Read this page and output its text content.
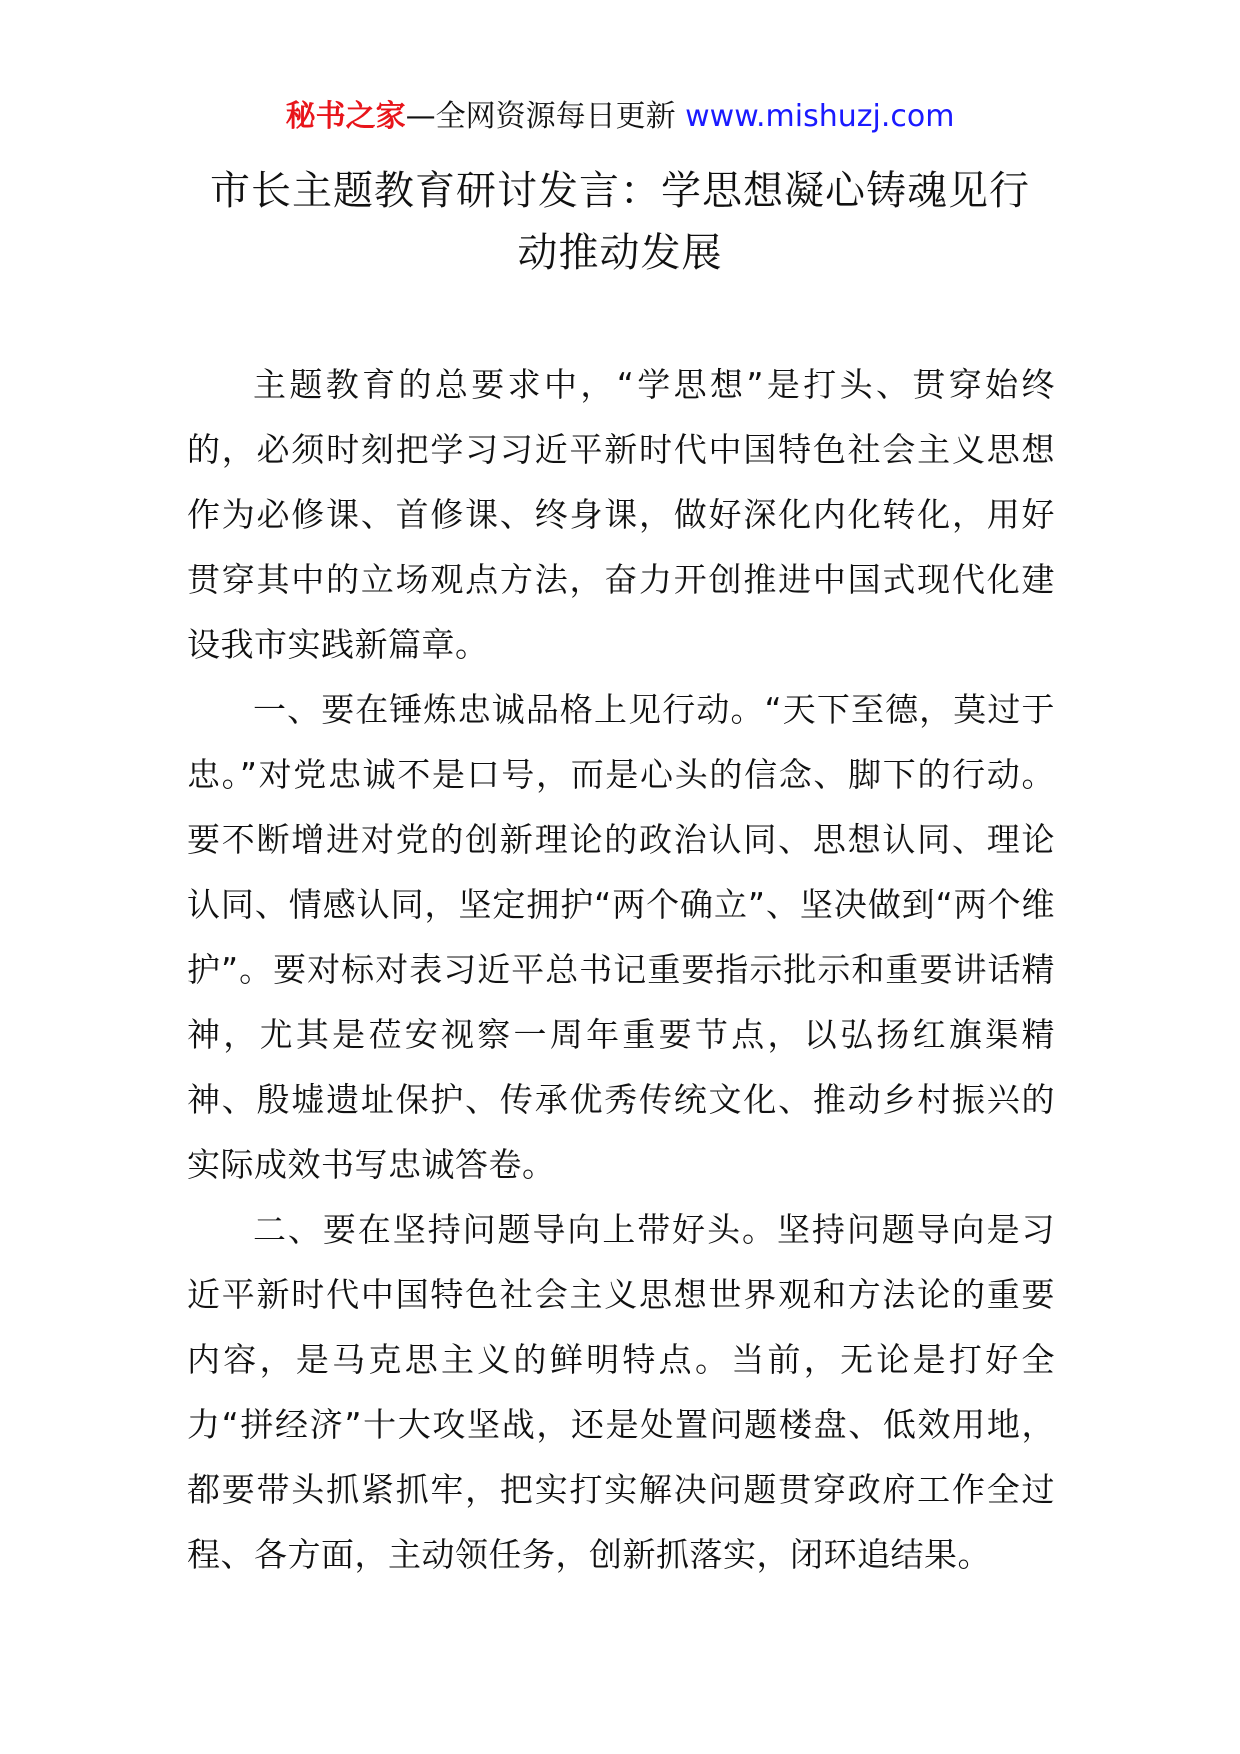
秘书之家—全网资源每日更新 www.mishuzj.com
市长主题教育研讨发言：学思想凝心铸魂见行
动推动发展

主题教育的总要求中，“学思想”是打头、贯穿始终的，必须时刻把学习习近平新时代中国特色社会主义思想作为必修课、首修课、终身课，做好深化内化转化，用好贯穿其中的立场观点方法，奋力开创推进中国式现代化建设我市实践新篇章。

一、要在锤炼忠诚品格上见行动。“天下至德，莫过于忠。”对党忠诚不是口号，而是心头的信念、脚下的行动。要不断增进对党的创新理论的政治认同、思想认同、理论认同、情感认同，坚定拥护“两个确立”、坚决做到“两个维护”。要对标对表习近平总书记重要指示批示和重要讲话精神，尤其是莅安视察一周年重要节点，以弘扬红旗渠精神、殷墟遗址保护、传承优秀传统文化、推动乡村振兴的实际成效书写忠诚答卷。

二、要在坚持问题导向上带好头。坚持问题导向是习近平新时代中国特色社会主义思想世界观和方法论的重要内容，是马克思主义的鲜明特点。当前，无论是打好全力“拼经济”十大攻坚战，还是处置问题楼盘、低效用地，都要带头抓紧抓牢，把实打实解决问题贯穿政府工作全过程、各方面，主动领任务，创新抓落实，闭环追结果。
